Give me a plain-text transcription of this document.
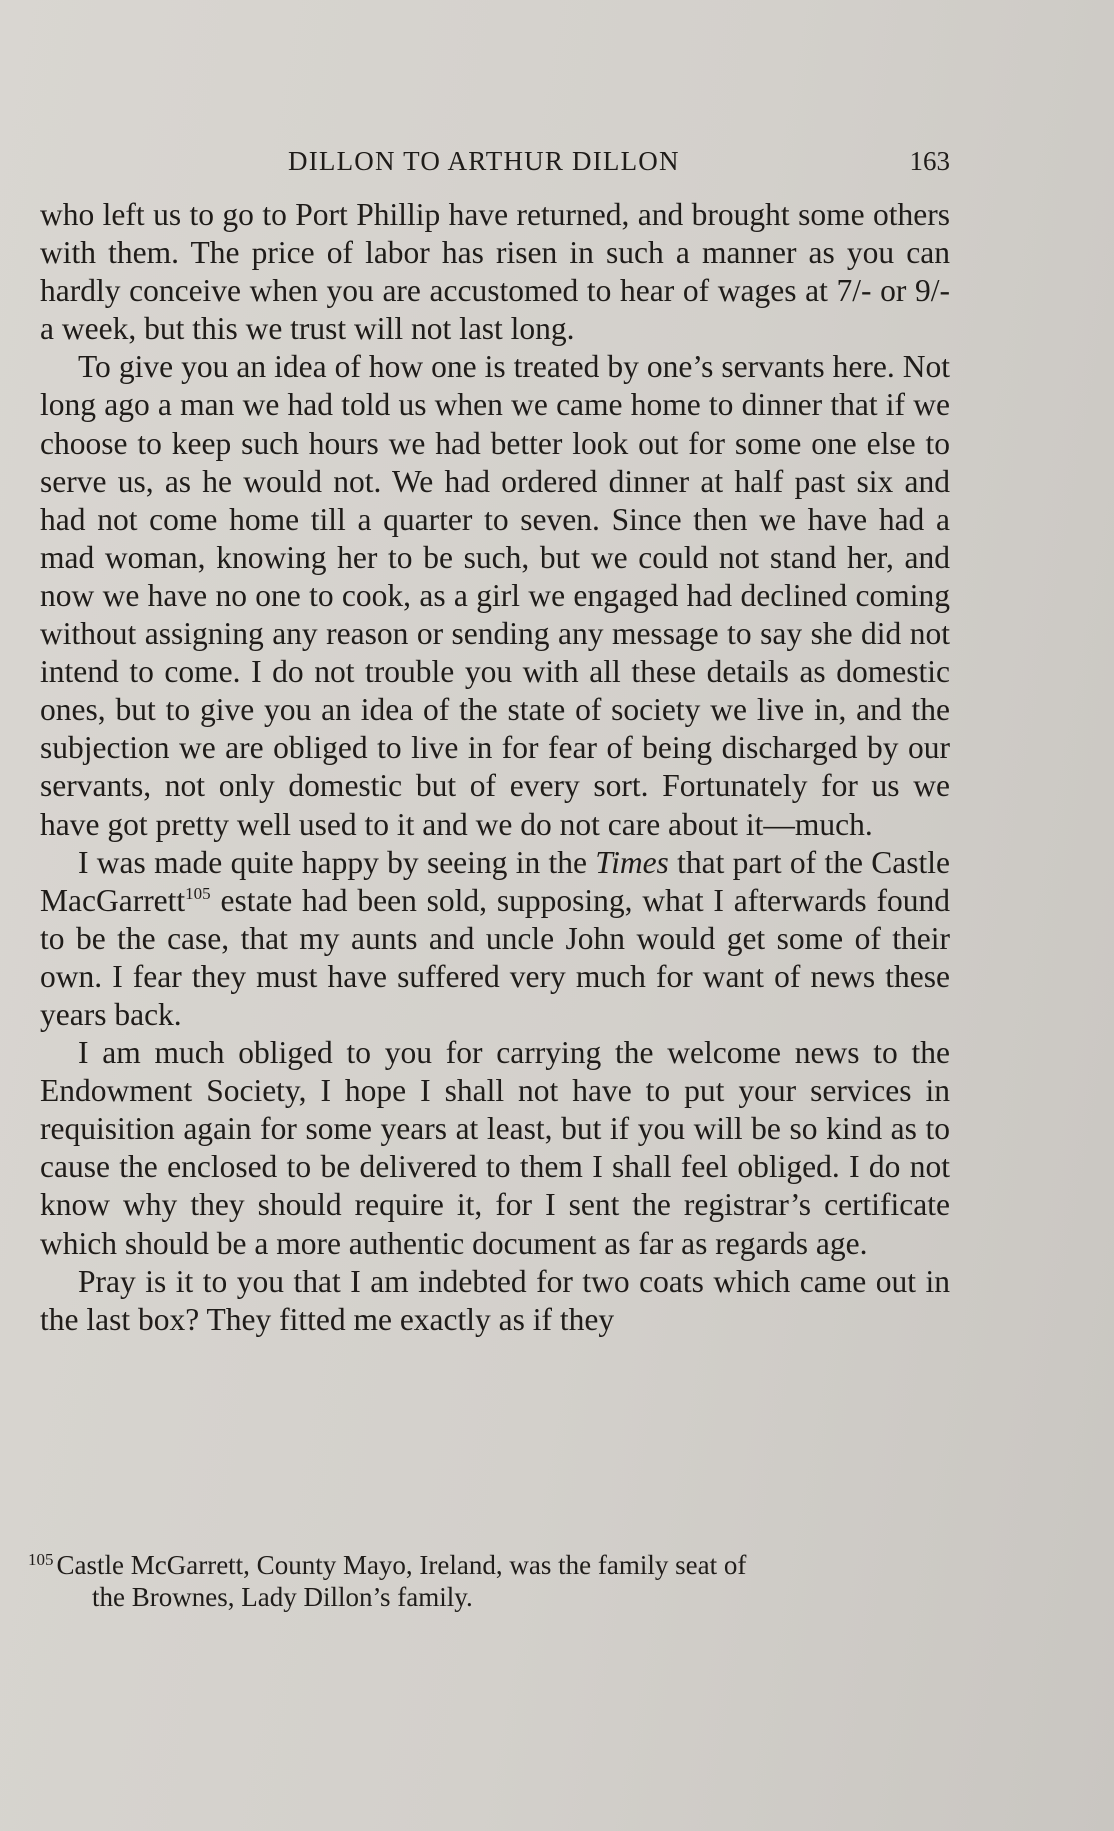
DILLON TO ARTHUR DILLON	163

who left us to go to Port Phillip have returned, and brought some others with them. The price of labor has risen in such a manner as you can hardly conceive when you are accustomed to hear of wages at 7/- or 9/- a week, but this we trust will not last long.

To give you an idea of how one is treated by one’s servants here. Not long ago a man we had told us when we came home to dinner that if we choose to keep such hours we had better look out for some one else to serve us, as he would not. We had ordered dinner at half past six and had not come home till a quarter to seven. Since then we have had a mad woman, knowing her to be such, but we could not stand her, and now we have no one to cook, as a girl we engaged had declined coming without assigning any reason or sending any message to say she did not intend to come. I do not trouble you with all these details as domestic ones, but to give you an idea of the state of society we live in, and the subjection we are obliged to live in for fear of being discharged by our servants, not only domestic but of every sort. Fortunately for us we have got pretty well used to it and we do not care about it—much.

I was made quite happy by seeing in the Times that part of the Castle MacGarrett$^{105}$ estate had been sold, supposing, what I afterwards found to be the case, that my aunts and uncle John would get some of their own. I fear they must have suffered very much for want of news these years back.

I am much obliged to you for carrying the welcome news to the Endowment Society, I hope I shall not have to put your services in requisition again for some years at least, but if you will be so kind as to cause the enclosed to be delivered to them I shall feel obliged. I do not know why they should require it, for I sent the registrar’s certificate which should be a more authentic document as far as regards age.

Pray is it to you that I am indebted for two coats which came out in the last box? They fitted me exactly as if they

$^{105}$ Castle McGarrett, County Mayo, Ireland, was the family seat of
the Brownes, Lady Dillon’s family.
